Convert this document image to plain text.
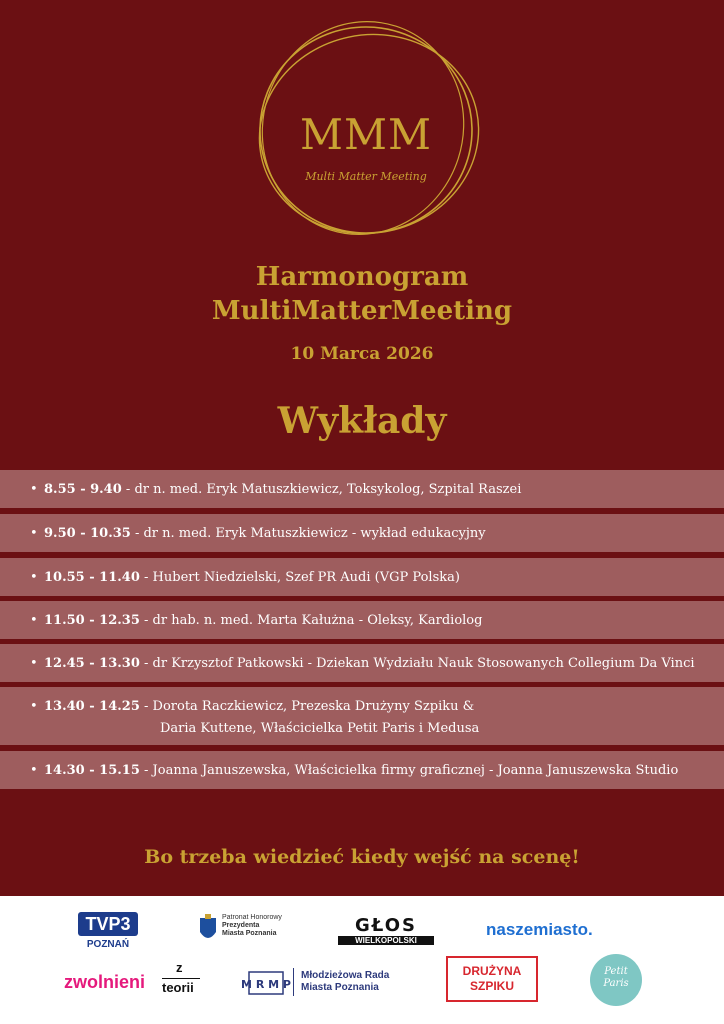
MMM
Multi Matter Meeting
Harmonogram
MultiMatterMeeting
10 Marca 2026
Wykłady
• 8.55 - 9.40 - dr n. med. Eryk Matuszkiewicz, Toksykolog, Szpital Raszei
• 9.50 - 10.35 - dr n. med. Eryk Matuszkiewicz - wykład edukacyjny
• 10.55 - 11.40 - Hubert Niedzielski, Szef PR Audi (VGP Polska)
• 11.50 - 12.35 - dr hab. n. med. Marta Kałużna - Oleksy, Kardiolog
• 12.45 - 13.30 - dr Krzysztof Patkowski - Dziekan Wydziału Nauk Stosowanych Collegium Da Vinci
• 13.40 - 14.25 - Dorota Raczkiewicz, Prezeska Drużyny Szpiku &
Daria Kuttene, Właścicielka Petit Paris i Medusa
• 14.30 - 15.15 - Joanna Januszewska, Właścicielka firmy graficznej - Joanna Januszewska Studio
Bo trzeba wiedzieć kiedy wejść na scenę!
TVP3
POZNAŃ
Patronat Honorowy
Prezydenta
Miasta Poznania	GŁOS
WIELKOPOLSKI
naszemiasto.
zwolnieni
z
teorii	M R M P
Młodzieżowa Rada
Miasta Poznania
DRUŻYNA
SZPIKU
Petit
Paris
